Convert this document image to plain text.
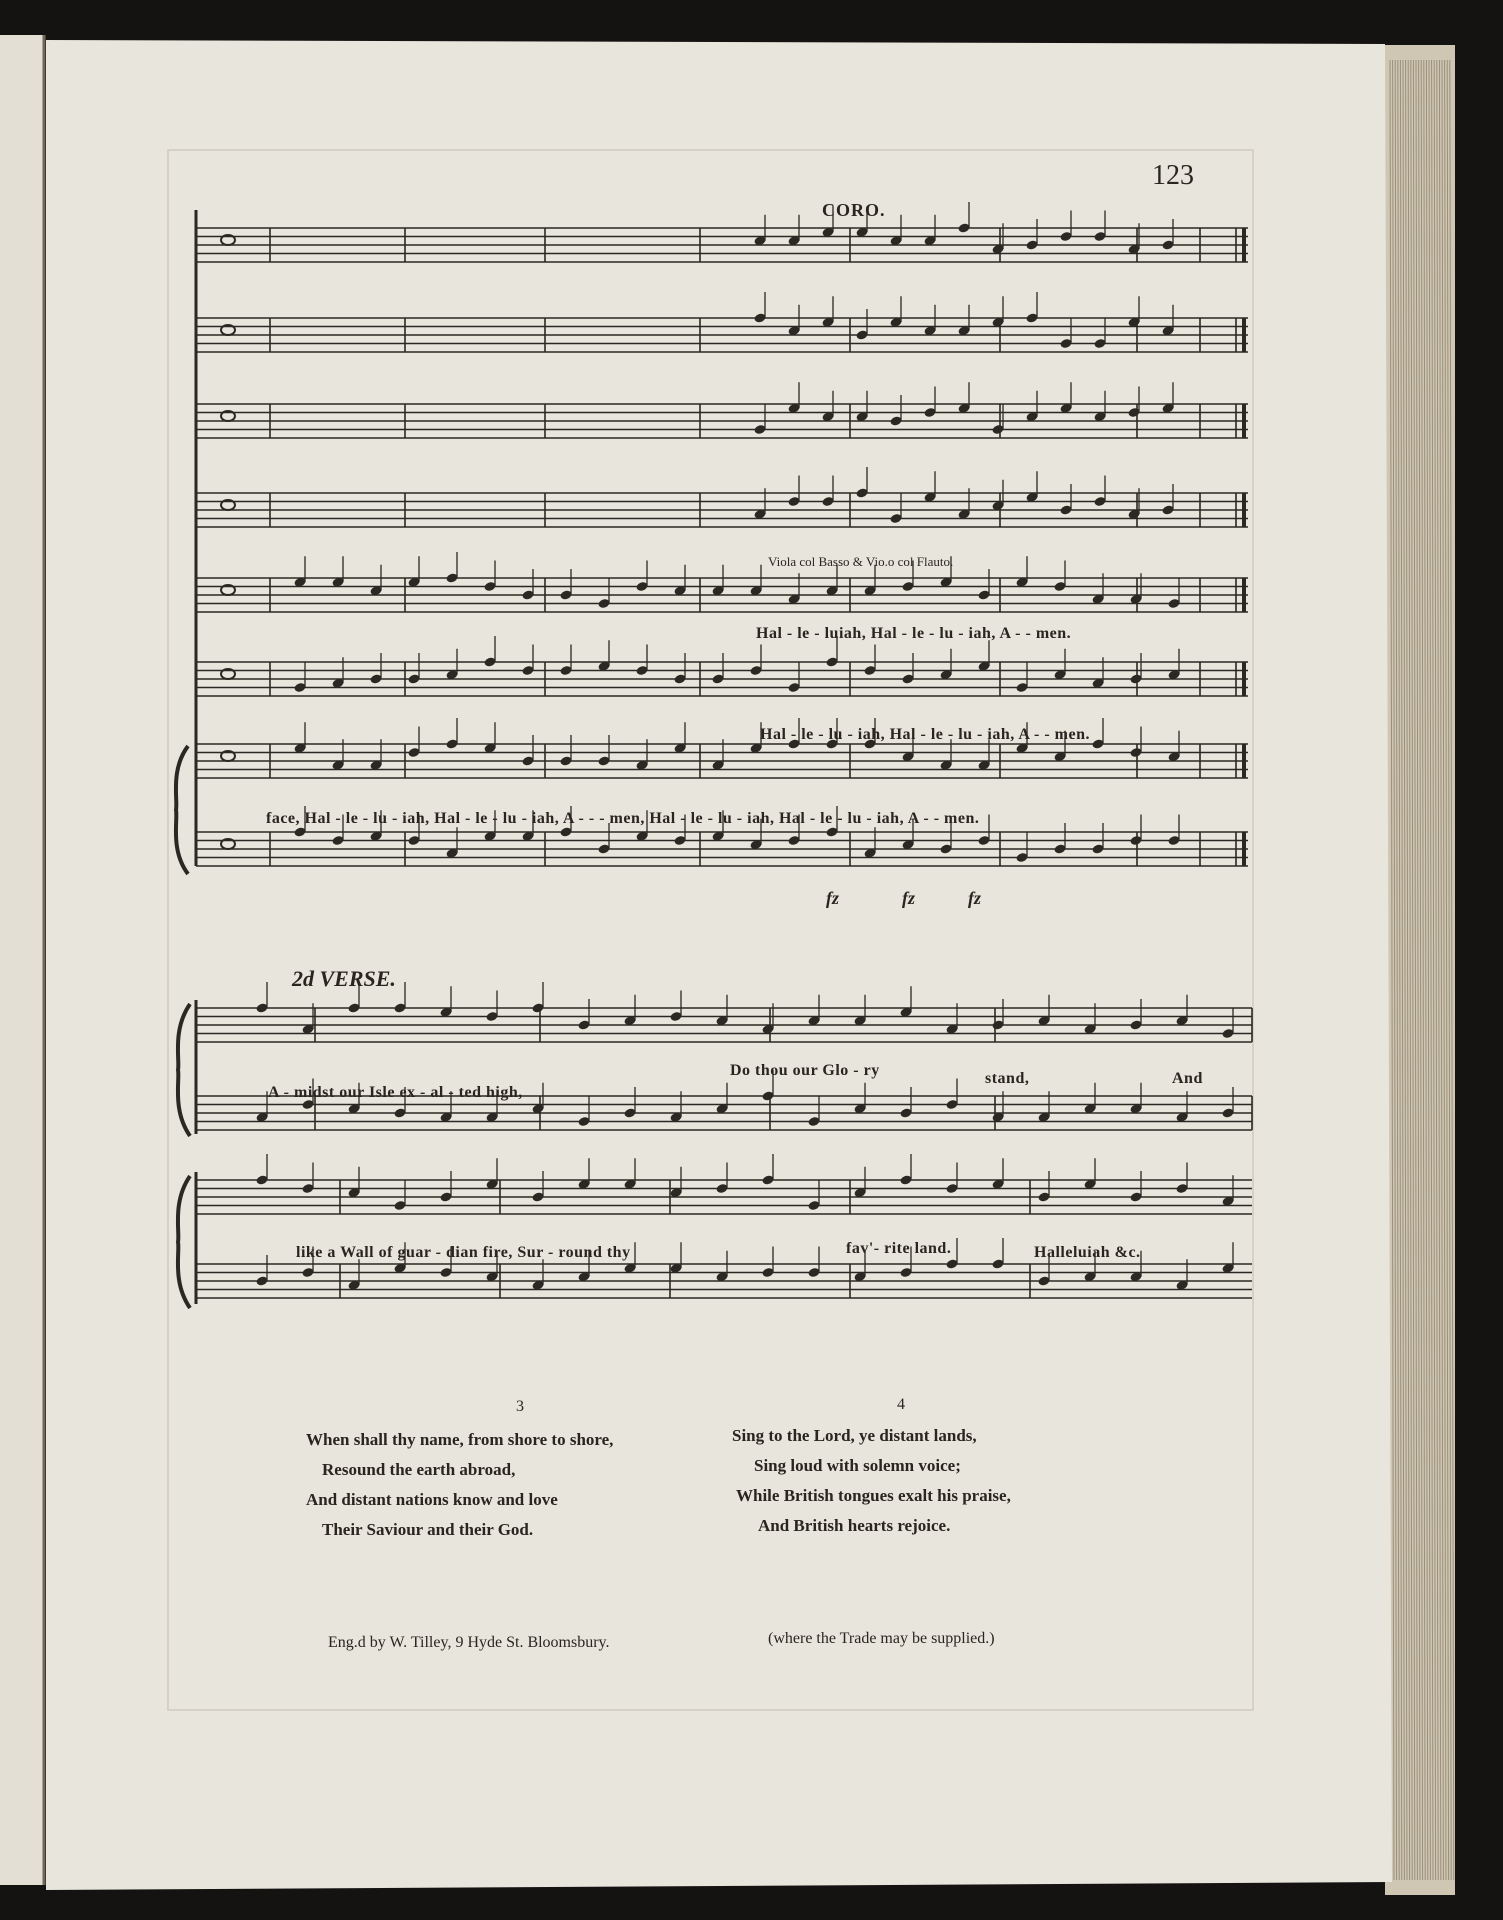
123
CORO.
Viola col Basso & Vio.o col Flauto.
Hal - le - luiah, Hal - le - lu - iah, A - - men.
Hal - le - lu - iah, Hal - le - lu - iah, A - - men.
face, Hal - le - lu - iah, Hal - le - lu - iah, A - - - men, Hal - le - lu - iah, Hal - le - lu - iah, A - - men.
fz	fz	fz
2d VERSE.
A - midst our Isle ex - al - ted high,
Do thou our Glo - ry	stand,	And
like a Wall of guar - dian fire, Sur - round thy	fav'- rite land.	Halleluiah &c.
3	4
When shall thy name, from shore to shore,
Resound the earth abroad,
And distant nations know and love
Their Saviour and their God.
Sing to the Lord, ye distant lands,
Sing loud with solemn voice;
While British tongues exalt his praise,
And British hearts rejoice.
Eng.d by W. Tilley, 9 Hyde St. Bloomsbury.	(where the Trade may be supplied.)
